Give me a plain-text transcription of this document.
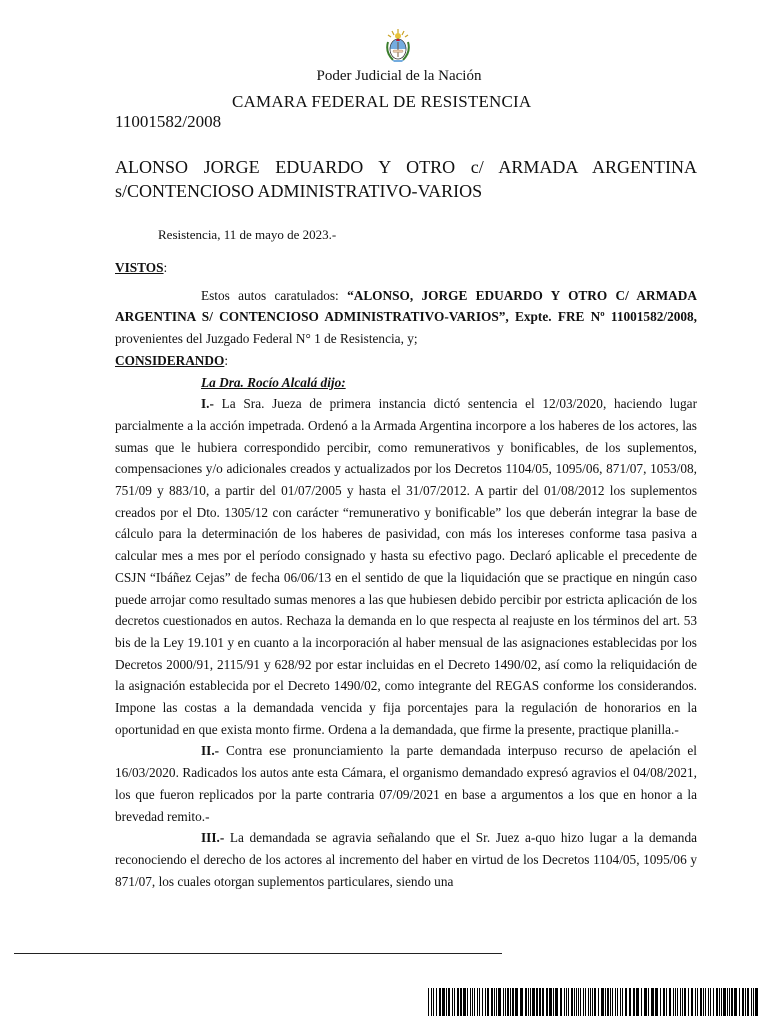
Poder Judicial de la Nación
CAMARA FEDERAL DE RESISTENCIA
11001582/2008
ALONSO JORGE EDUARDO Y OTRO c/ ARMADA ARGENTINA s/CONTENCIOSO ADMINISTRATIVO-VARIOS
Resistencia, 11 de mayo de 2023.-

VISTOS:

Estos autos caratulados: “ALONSO, JORGE EDUARDO Y OTRO C/ ARMADA ARGENTINA S/ CONTENCIOSO ADMINISTRATIVO-VARIOS”, Expte. FRE Nº 11001582/2008, provenientes del Juzgado Federal N° 1 de Resistencia, y;

CONSIDERANDO:

La Dra. Rocío Alcalá dijo:

I.- La Sra. Jueza de primera instancia dictó sentencia el 12/03/2020, haciendo lugar parcialmente a la acción impetrada. Ordenó a la Armada Argentina incorpore a los haberes de los actores, las sumas que le hubiera correspondido percibir, como remunerativos y bonificables, de los suplementos, compensaciones y/o adicionales creados y actualizados por los Decretos 1104/05, 1095/06, 871/07, 1053/08, 751/09 y 883/10, a partir del 01/07/2005 y hasta el 31/07/2012. A partir del 01/08/2012 los suplementos creados por el Dto. 1305/12 con carácter “remunerativo y bonificable” los que deberán integrar la base de cálculo para la determinación de los haberes de pasividad, con más los intereses conforme tasa pasiva a calcular mes a mes por el período consignado y hasta su efectivo pago. Declaró aplicable el precedente de CSJN “Ibáñez Cejas” de fecha 06/06/13 en el sentido de que la liquidación que se practique en ningún caso puede arrojar como resultado sumas menores a las que hubiesen debido percibir por estricta aplicación de los decretos cuestionados en autos. Rechaza la demanda en lo que respecta al reajuste en los términos del art. 53 bis de la Ley 19.101 y en cuanto a la incorporación al haber mensual de las asignaciones establecidas por los Decretos 2000/91, 2115/91 y 628/92 por estar incluidas en el Decreto 1490/02, así como la reliquidación de la asignación establecida por el Decreto 1490/02, como integrante del REGAS conforme los considerandos. Impone las costas a la demandada vencida y fija porcentajes para la regulación de honorarios en la oportunidad en que exista monto firme. Ordena a la demandada, que firme la presente, practique planilla.-

II.- Contra ese pronunciamiento la parte demandada interpuso recurso de apelación el 16/03/2020. Radicados los autos ante esta Cámara, el organismo demandado expresó agravios el 04/08/2021, los que fueron replicados por la parte contraria 07/09/2021 en base a argumentos a los que en honor a la brevedad remito.-

III.- La demandada se agravia señalando que el Sr. Juez a-quo hizo lugar a la demanda reconociendo el derecho de los actores al incremento del haber en virtud de los Decretos 1104/05, 1095/06 y 871/07, los cuales otorgan suplementos particulares, siendo una
